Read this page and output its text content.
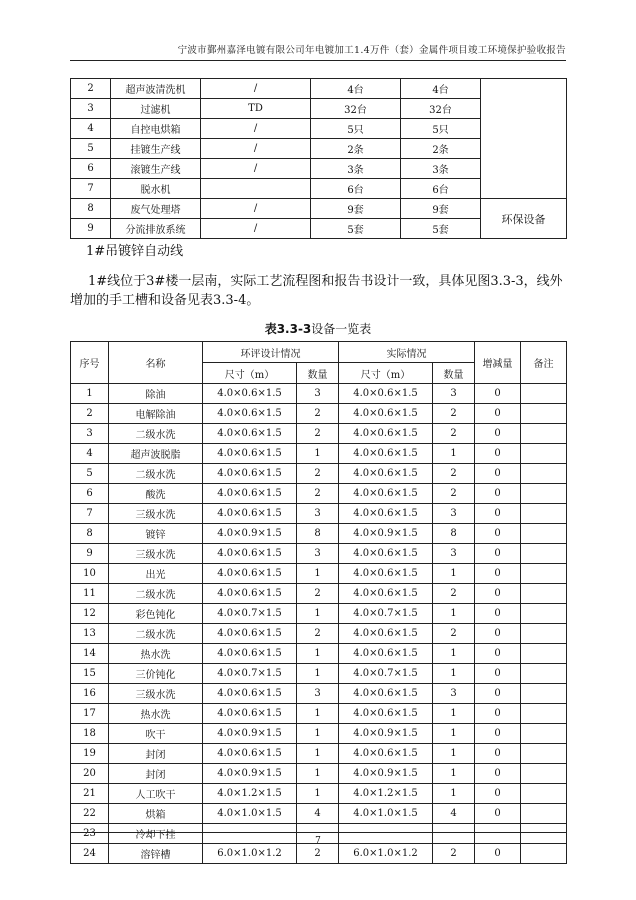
宁波市鄞州嘉泽电镀有限公司年电镀加工1.4万件（套）金属件项目竣工环境保护验收报告
2	超声波清洗机	/	4台	4台	
3	过滤机	TD	32台	32台	
4	自控电烘箱	/	5只	5只	
5	挂镀生产线	/	2条	2条	
6	滚镀生产线	/	3条	3条	
7	脱水机		6台	6台	
8	废气处理塔	/	9套	9套	环保设备
9	分流排放系统	/	5套	5套	
1#吊镀锌自动线
1#线位于3#楼一层南，实际工艺流程图和报告书设计一致，具体见图3.3-3，线外增加的手工槽和设备见表3.3-4。
表3.3-3设备一览表
序号	名称	环评设计情况		实际情况		增减量	备注
		尺寸（m）	数量	尺寸（m）	数量		
1	除油	4.0×0.6×1.5	3	4.0×0.6×1.5	3	0	
2	电解除油	4.0×0.6×1.5	2	4.0×0.6×1.5	2	0	
3	二级水洗	4.0×0.6×1.5	2	4.0×0.6×1.5	2	0	
4	超声波脱脂	4.0×0.6×1.5	1	4.0×0.6×1.5	1	0	
5	二级水洗	4.0×0.6×1.5	2	4.0×0.6×1.5	2	0	
6	酸洗	4.0×0.6×1.5	2	4.0×0.6×1.5	2	0	
7	三级水洗	4.0×0.6×1.5	3	4.0×0.6×1.5	3	0	
8	镀锌	4.0×0.9×1.5	8	4.0×0.9×1.5	8	0	
9	三级水洗	4.0×0.6×1.5	3	4.0×0.6×1.5	3	0	
10	出光	4.0×0.6×1.5	1	4.0×0.6×1.5	1	0	
11	二级水洗	4.0×0.6×1.5	2	4.0×0.6×1.5	2	0	
12	彩色钝化	4.0×0.7×1.5	1	4.0×0.7×1.5	1	0	
13	二级水洗	4.0×0.6×1.5	2	4.0×0.6×1.5	2	0	
14	热水洗	4.0×0.6×1.5	1	4.0×0.6×1.5	1	0	
15	三价钝化	4.0×0.7×1.5	1	4.0×0.7×1.5	1	0	
16	三级水洗	4.0×0.6×1.5	3	4.0×0.6×1.5	3	0	
17	热水洗	4.0×0.6×1.5	1	4.0×0.6×1.5	1	0	
18	吹干	4.0×0.9×1.5	1	4.0×0.9×1.5	1	0	
19	封闭	4.0×0.6×1.5	1	4.0×0.6×1.5	1	0	
20	封闭	4.0×0.9×1.5	1	4.0×0.9×1.5	1	0	
21	人工吹干	4.0×1.2×1.5	1	4.0×1.2×1.5	1	0	
22	烘箱	4.0×1.0×1.5	4	4.0×1.0×1.5	4	0	
23	冷却下挂						
24	溶锌槽	6.0×1.0×1.2	2	6.0×1.0×1.2	2	0	
7
